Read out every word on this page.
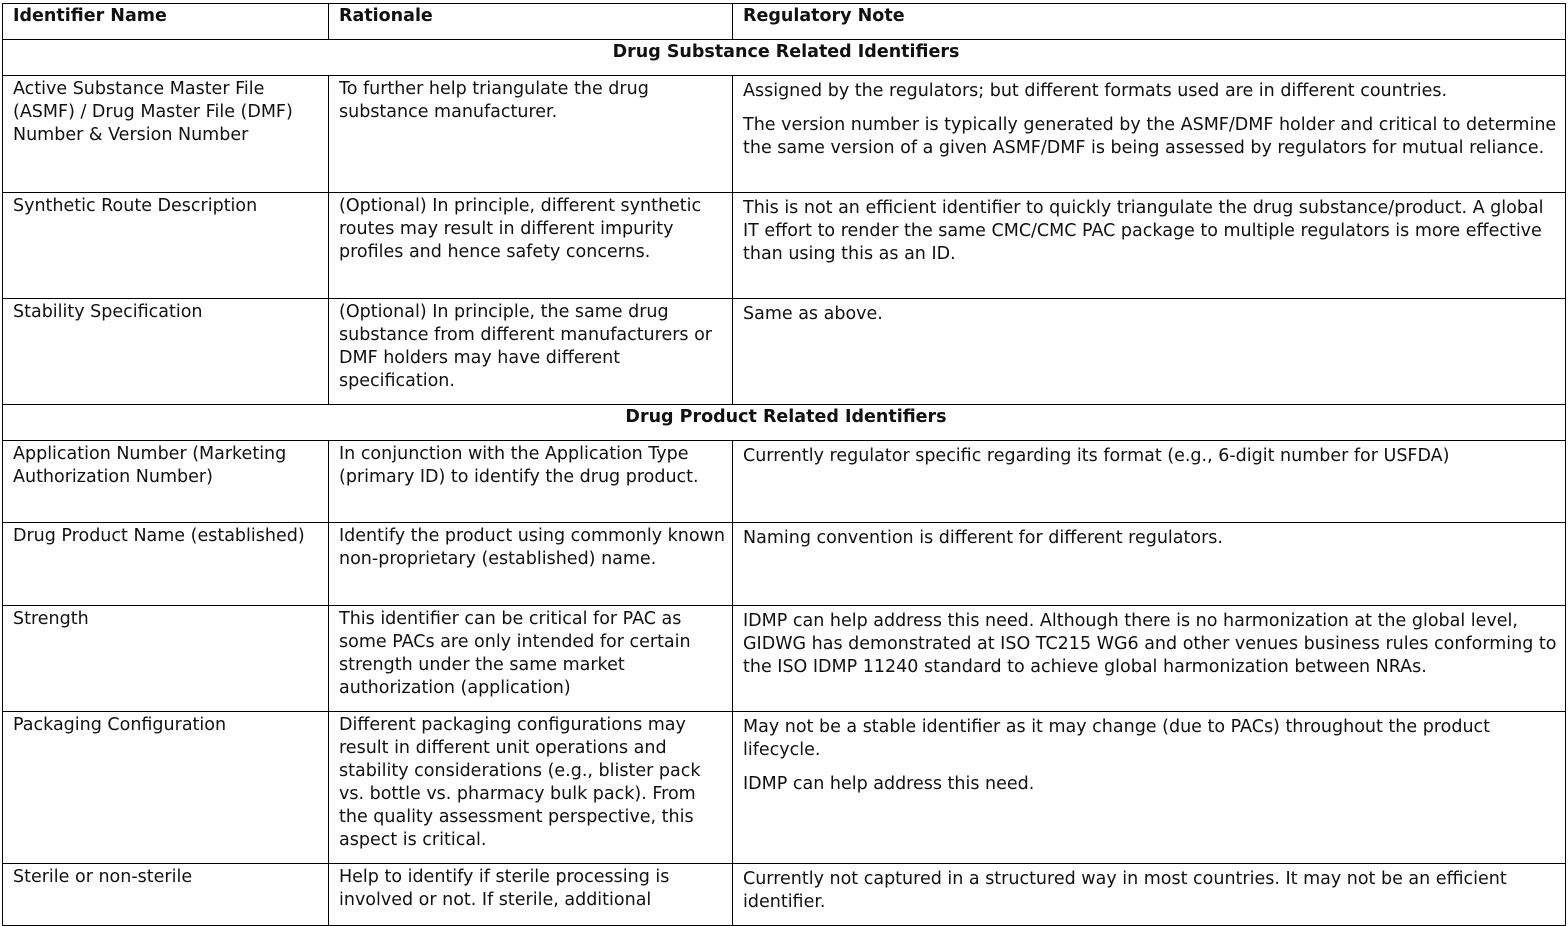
Identifier Name	Rationale	Regulatory Note
Drug Substance Related Identifiers		
Active Substance Master File (ASMF) / Drug Master File (DMF) Number & Version Number	To further help triangulate the drug substance manufacturer.	Assigned by the regulators; but different formats used are in different countries.

The version number is typically generated by the ASMF/DMF holder and critical to determine the same version of a given ASMF/DMF is being assessed by regulators for mutual reliance.

Synthetic Route Description	(Optional) In principle, different synthetic routes may result in different impurity profiles and hence safety concerns.	This is not an efficient identifier to quickly triangulate the drug substance/product. A global IT effort to render the same CMC/CMC PAC package to multiple regulators is more effective than using this as an ID.

Stability Specification	(Optional) In principle, the same drug substance from different manufacturers or DMF holders may have different specification.	Same as above.

Drug Product Related Identifiers		
Application Number (Marketing Authorization Number)	In conjunction with the Application Type (primary ID) to identify the drug product.	Currently regulator specific regarding its format (e.g., 6-digit number for USFDA)

Drug Product Name (established)	Identify the product using commonly known non-proprietary (established) name.	Naming convention is different for different regulators.

Strength	This identifier can be critical for PAC as some PACs are only intended for certain strength under the same market authorization (application)	IDMP can help address this need. Although there is no harmonization at the global level, GIDWG has demonstrated at ISO TC215 WG6 and other venues business rules conforming to the ISO IDMP 11240 standard to achieve global harmonization between NRAs.

Packaging Configuration	Different packaging configurations may result in different unit operations and stability considerations (e.g., blister pack vs. bottle vs. pharmacy bulk pack). From the quality assessment perspective, this aspect is critical.	May not be a stable identifier as it may change (due to PACs) throughout the product lifecycle.

IDMP can help address this need.

Sterile or non-sterile	Help to identify if sterile processing is involved or not. If sterile, additional	Currently not captured in a structured way in most countries. It may not be an efficient identifier.
